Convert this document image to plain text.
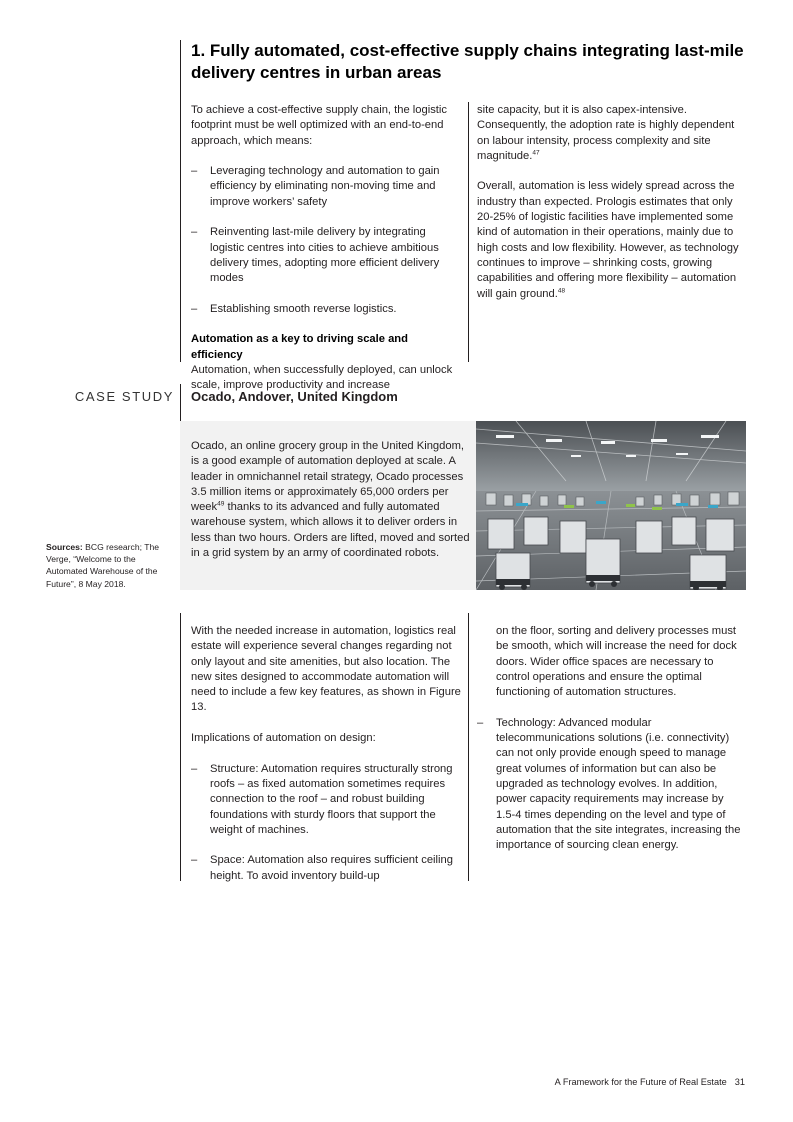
1. Fully automated, cost-effective supply chains integrating last-mile delivery centres in urban areas

To achieve a cost-effective supply chain, the logistic footprint must be well optimized with an end-to-end approach, which means:

– Leveraging technology and automation to gain efficiency by eliminating non-moving time and improve workers’ safety
– Reinventing last-mile delivery by integrating logistic centres into cities to achieve ambitious delivery times, adopting more efficient delivery modes
– Establishing smooth reverse logistics.
Automation as a key to driving scale and efficiency
Automation, when successfully deployed, can unlock scale, improve productivity and increase

site capacity, but it is also capex-intensive. Consequently, the adoption rate is highly dependent on labour intensity, process complexity and site magnitude.$^{47}$

Overall, automation is less widely spread across the industry than expected. Prologis estimates that only 20-25% of logistic facilities have implemented some kind of automation in their operations, mainly due to high costs and low flexibility. However, as technology continues to improve – shrinking costs, growing capabilities and offering more flexibility – automation will gain ground.$^{48}$

CASE STUDY Ocado, Andover, United Kingdom
Ocado, an online grocery group in the United Kingdom, is a good example of automation deployed at scale. A leader in omnichannel retail strategy, Ocado processes 3.5 million items or approximately 65,000 orders per week$^{49}$ thanks to its advanced and fully automated warehouse system, which allows it to deliver orders in less than two hours. Orders are lifted, moved and sorted in a grid system by an army of coordinated robots.
Sources: BCG research; The Verge, “Welcome to the Automated Warehouse of the Future”, 8 May 2018.

With the needed increase in automation, logistics real estate will experience several changes regarding not only layout and site amenities, but also location. The new sites designed to accommodate automation will need to include a few key features, as shown in Figure 13.

Implications of automation on design:

– Structure: Automation requires structurally strong roofs – as fixed automation sometimes requires connection to the roof – and robust building foundations with sturdy floors that support the weight of machines.
– Space: Automation also requires sufficient ceiling height. To avoid inventory build-up

on the floor, sorting and delivery processes must be smooth, which will increase the need for dock doors. Wider office spaces are necessary to control operations and ensure the optimal functioning of automation structures.

– Technology: Advanced modular telecommunications solutions (i.e. connectivity) can not only provide enough speed to manage great volumes of information but can also be upgraded as technology evolves. In addition, power capacity requirements may increase by 1.5-4 times depending on the level and type of automation that the site integrates, increasing the importance of sourcing clean energy.
A Framework for the Future of Real Estate 31
